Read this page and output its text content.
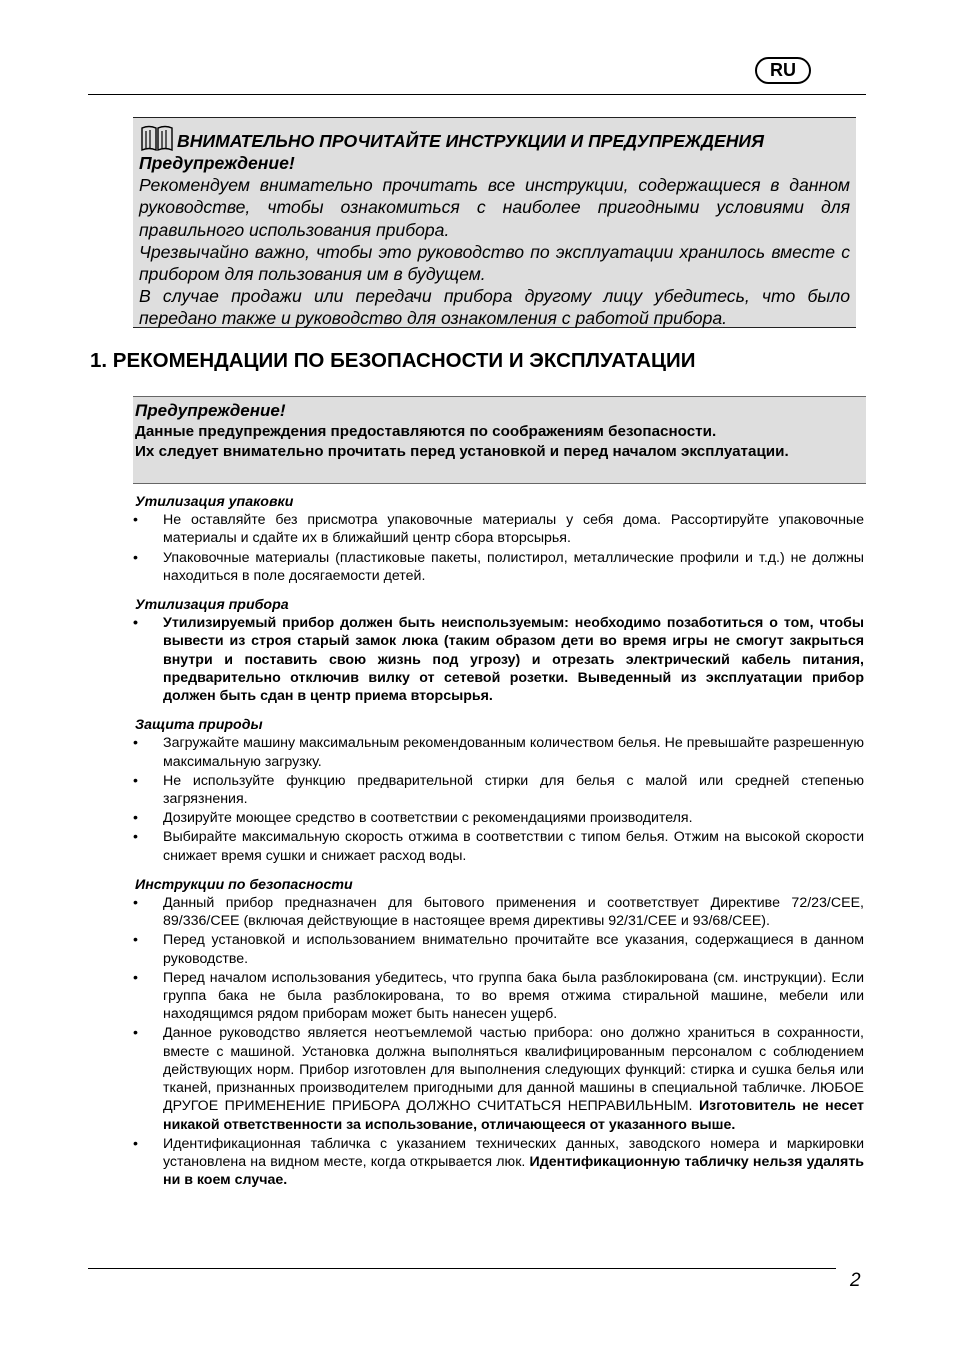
RU
ВНИМАТЕЛЬНО ПРОЧИТАЙТЕ ИНСТРУКЦИИ И ПРЕДУПРЕЖДЕНИЯ
Предупреждение!
Рекомендуем внимательно прочитать все инструкции, содержащиеся в данном руководстве, чтобы ознакомиться с наиболее пригодными условиями для правильного использования прибора.
Чрезвычайно важно, чтобы это руководство по эксплуатации хранилось вместе с прибором для пользования им в будущем.
В случае продажи или передачи прибора другому лицу убедитесь, что было передано также и руководство для ознакомления с работой прибора.
1. РЕКОМЕНДАЦИИ ПО БЕЗОПАСНОСТИ И ЭКСПЛУАТАЦИИ
Предупреждение!
Данные предупреждения предоставляются по соображениям безопасности.
Их следует внимательно прочитать перед установкой и перед началом эксплуатации.
Утилизация упаковки
• Не оставляйте без присмотра упаковочные материалы у себя дома. Рассортируйте упаковочные материалы и сдайте их в ближайший центр сбора вторсырья.
• Упаковочные материалы (пластиковые пакеты, полистирол, металлические профили и т.д.) не должны находиться в поле досягаемости детей.
Утилизация прибора
• Утилизируемый прибор должен быть неиспользуемым: необходимо позаботиться о том, чтобы вывести из строя старый замок люка (таким образом дети во время игры не смогут закрыться внутри и поставить свою жизнь под угрозу) и отрезать электрический кабель питания, предварительно отключив вилку от сетевой розетки. Выведенный из эксплуатации прибор должен быть сдан в центр приема вторсырья.
Защита природы
• Загружайте машину максимальным рекомендованным количеством белья. Не превышайте разрешенную максимальную загрузку.
• Не используйте функцию предварительной стирки для белья с малой или средней степенью загрязнения.
• Дозируйте моющее средство в соответствии с рекомендациями производителя.
• Выбирайте максимальную скорость отжима в соответствии с типом белья. Отжим на высокой скорости снижает время сушки и снижает расход воды.
Инструкции по безопасности
• Данный прибор предназначен для бытового применения и соответствует Директиве 72/23/CEE, 89/336/CEE (включая действующие в настоящее время директивы 92/31/CEE и 93/68/CEE).
• Перед установкой и использованием внимательно прочитайте все указания, содержащиеся в данном руководстве.
• Перед началом использования убедитесь, что группа бака была разблокирована (см. инструкции). Если группа бака не была разблокирована, то во время отжима стиральной машине, мебели или находящимся рядом приборам может быть нанесен ущерб.
• Данное руководство является неотъемлемой частью прибора: оно должно храниться в сохранности, вместе с машиной. Установка должна выполняться квалифицированным персоналом с соблюдением действующих норм. Прибор изготовлен для выполнения следующих функций: стирка и сушка белья или тканей, признанных производителем пригодными для данной машины в специальной табличке. ЛЮБОЕ ДРУГОЕ ПРИМЕНЕНИЕ ПРИБОРА ДОЛЖНО СЧИТАТЬСЯ НЕПРАВИЛЬНЫМ. Изготовитель не несет никакой ответственности за использование, отличающееся от указанного выше.
• Идентификационная табличка с указанием технических данных, заводского номера и маркировки установлена на видном месте, когда открывается люк. Идентификационную табличку нельзя удалять ни в коем случае.
2
